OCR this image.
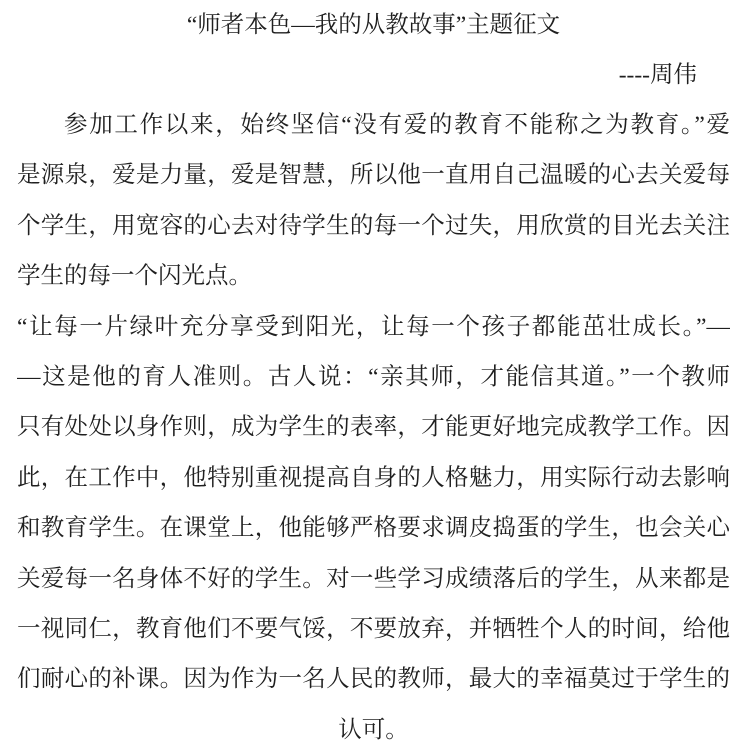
“师者本色—我的从教故事”主题征文
----周伟
参加工作以来，始终坚信“没有爱的教育不能称之为教育。”爱
是源泉，爱是力量，爱是智慧，所以他一直用自己温暖的心去关爱每
个学生，用宽容的心去对待学生的每一个过失，用欣赏的目光去关注
学生的每一个闪光点。
“让每一片绿叶充分享受到阳光，让每一个孩子都能茁壮成长。”—
—这是他的育人准则。古人说：“亲其师，才能信其道。”一个教师
只有处处以身作则，成为学生的表率，才能更好地完成教学工作。因
此，在工作中，他特别重视提高自身的人格魅力，用实际行动去影响
和教育学生。在课堂上，他能够严格要求调皮捣蛋的学生，也会关心
关爱每一名身体不好的学生。对一些学习成绩落后的学生，从来都是
一视同仁，教育他们不要气馁，不要放弃，并牺牲个人的时间，给他
们耐心的补课。因为作为一名人民的教师，最大的幸福莫过于学生的
认可。
